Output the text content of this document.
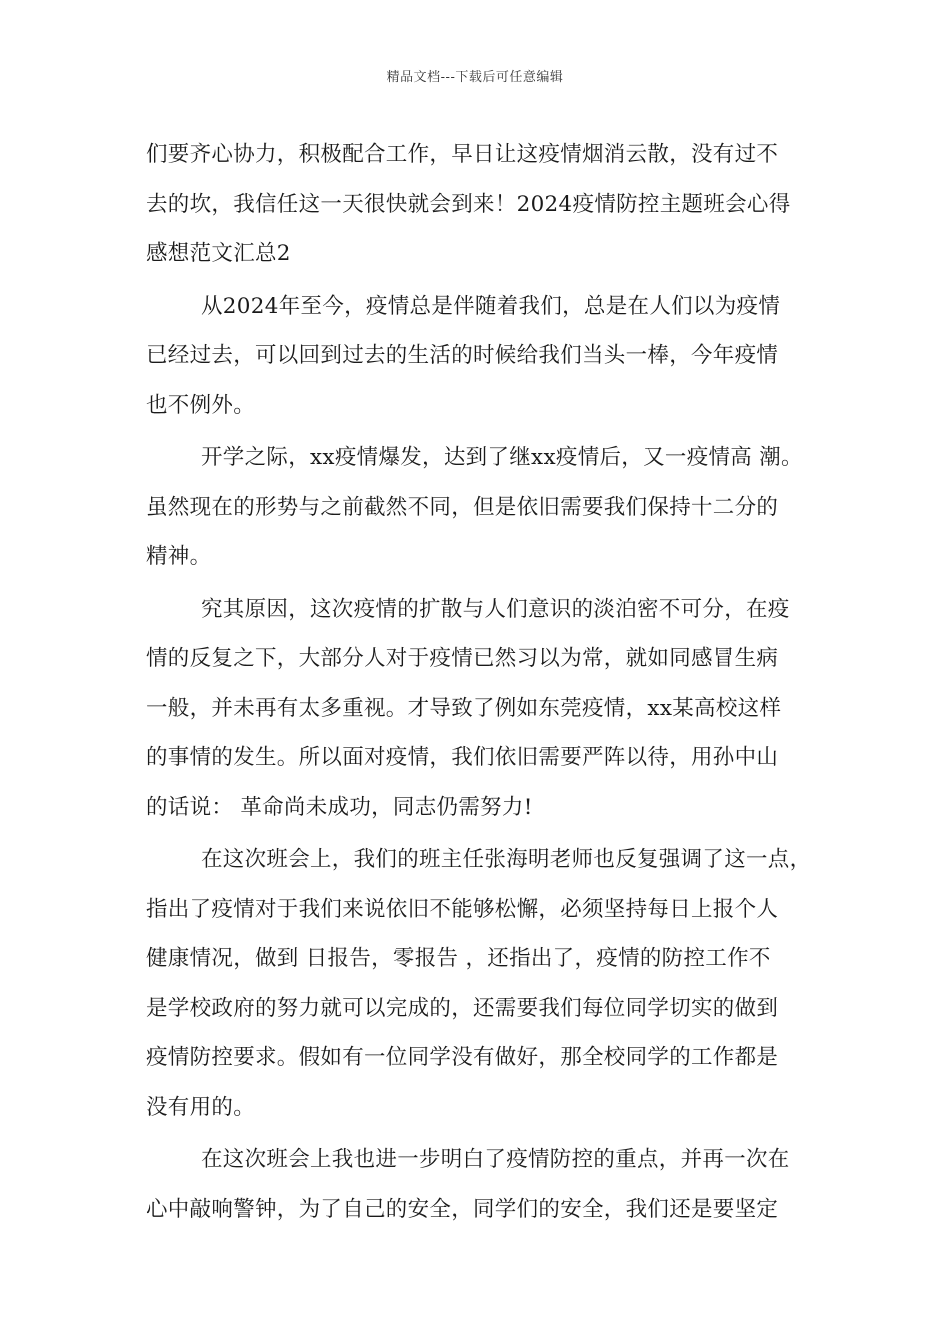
精品文档---下载后可任意编辑
们要齐心协力，积极配合工作，早日让这疫情烟消云散，没有过不
去的坎，我信任这一天很快就会到来！2024疫情防控主题班会心得
感想范文汇总2
从2024年至今，疫情总是伴随着我们，总是在人们以为疫情
已经过去，可以回到过去的生活的时候给我们当头一棒，今年疫情
也不例外。
开学之际，xx疫情爆发，达到了继xx疫情后，又一疫情高 潮。
虽然现在的形势与之前截然不同，但是依旧需要我们保持十二分的
精神。
究其原因，这次疫情的扩散与人们意识的淡泊密不可分，在疫
情的反复之下，大部分人对于疫情已然习以为常，就如同感冒生病
一般，并未再有太多重视。才导致了例如东莞疫情，xx某高校这样
的事情的发生。所以面对疫情，我们依旧需要严阵以待，用孙中山
的话说： 革命尚未成功，同志仍需努力!
在这次班会上，我们的班主任张海明老师也反复强调了这一点，
指出了疫情对于我们来说依旧不能够松懈，必须坚持每日上报个人
健康情况，做到 日报告，零报告 ，还指出了，疫情的防控工作不
是学校政府的努力就可以完成的，还需要我们每位同学切实的做到
疫情防控要求。假如有一位同学没有做好，那全校同学的工作都是
没有用的。
在这次班会上我也进一步明白了疫情防控的重点，并再一次在
心中敲响警钟，为了自己的安全，同学们的安全，我们还是要坚定
